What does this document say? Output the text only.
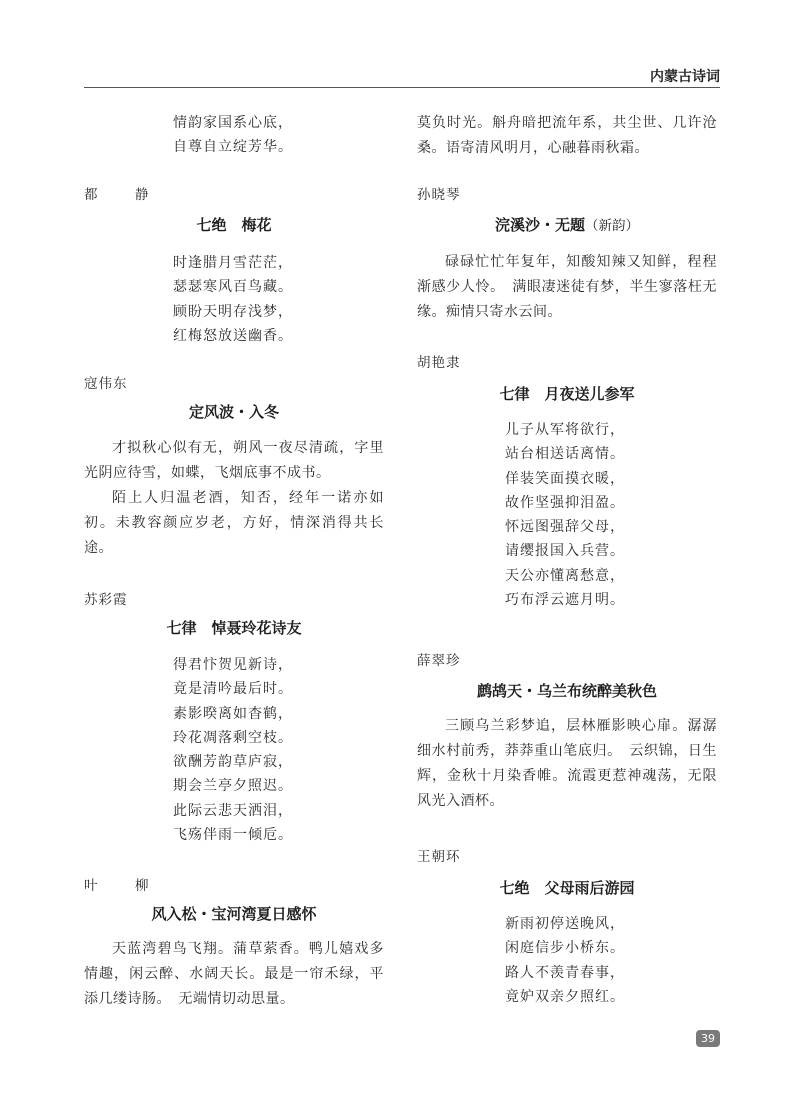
内蒙古诗词
情韵家国系心底，
自尊自立绽芳华。

都　静

七绝　梅花

时逢腊月雪茫茫，
瑟瑟寒风百鸟藏。
顾盼天明存浅梦，
红梅怒放送幽香。

寇伟东

定风波・入冬

才拟秋心似有无，朔风一夜尽清疏，字里光阴应待雪，如蝶，飞烟底事不成书。

陌上人归温老酒，知否，经年一诺亦如初。未教容颜应岁老，方好，情深消得共长途。

苏彩霞

七律　悼聂玲花诗友

得君忭贺见新诗，
竟是清吟最后时。
素影暌离如杳鹤，
玲花凋落剩空枝。
欲酬芳韵草庐寂，
期会兰亭夕照迟。
此际云悲天洒泪，
飞殇伴雨一倾卮。

叶　柳

风入松・宝河湾夏日感怀

天蓝湾碧鸟飞翔。蒲草萦香。鸭儿嬉戏多情趣，闲云醉、水阔天长。最是一帘禾绿，平添几缕诗肠。　无端情切动思量。

莫负时光。斛舟暗把流年系，共尘世、几许沧桑。语寄清风明月，心融暮雨秋霜。

孙晓琴

浣溪沙・无题（新韵）

碌碌忙忙年复年，知酸知辣又知鲜，程程渐感少人怜。　满眼凄迷徒有梦，半生寥落枉无缘。痴情只寄水云间。

胡艳隶

七律　月夜送儿参军

儿子从军将欲行，
站台相送话离情。
佯装笑面摸衣暖，
故作坚强抑泪盈。
怀远图强辞父母，
请缨报国入兵营。
天公亦懂离愁意，
巧布浮云遮月明。

薛翠珍

鹧鸪天・乌兰布统醉美秋色

三顾乌兰彩梦追，层林雁影映心扉。潺潺细水村前秀，莽莽重山笔底归。　云织锦，日生辉，金秋十月染香帷。流霞更惹神魂荡，无限风光入酒杯。

王朝环

七绝　父母雨后游园

新雨初停送晚风，
闲庭信步小桥东。
路人不羡青春事，
竟妒双亲夕照红。
39
